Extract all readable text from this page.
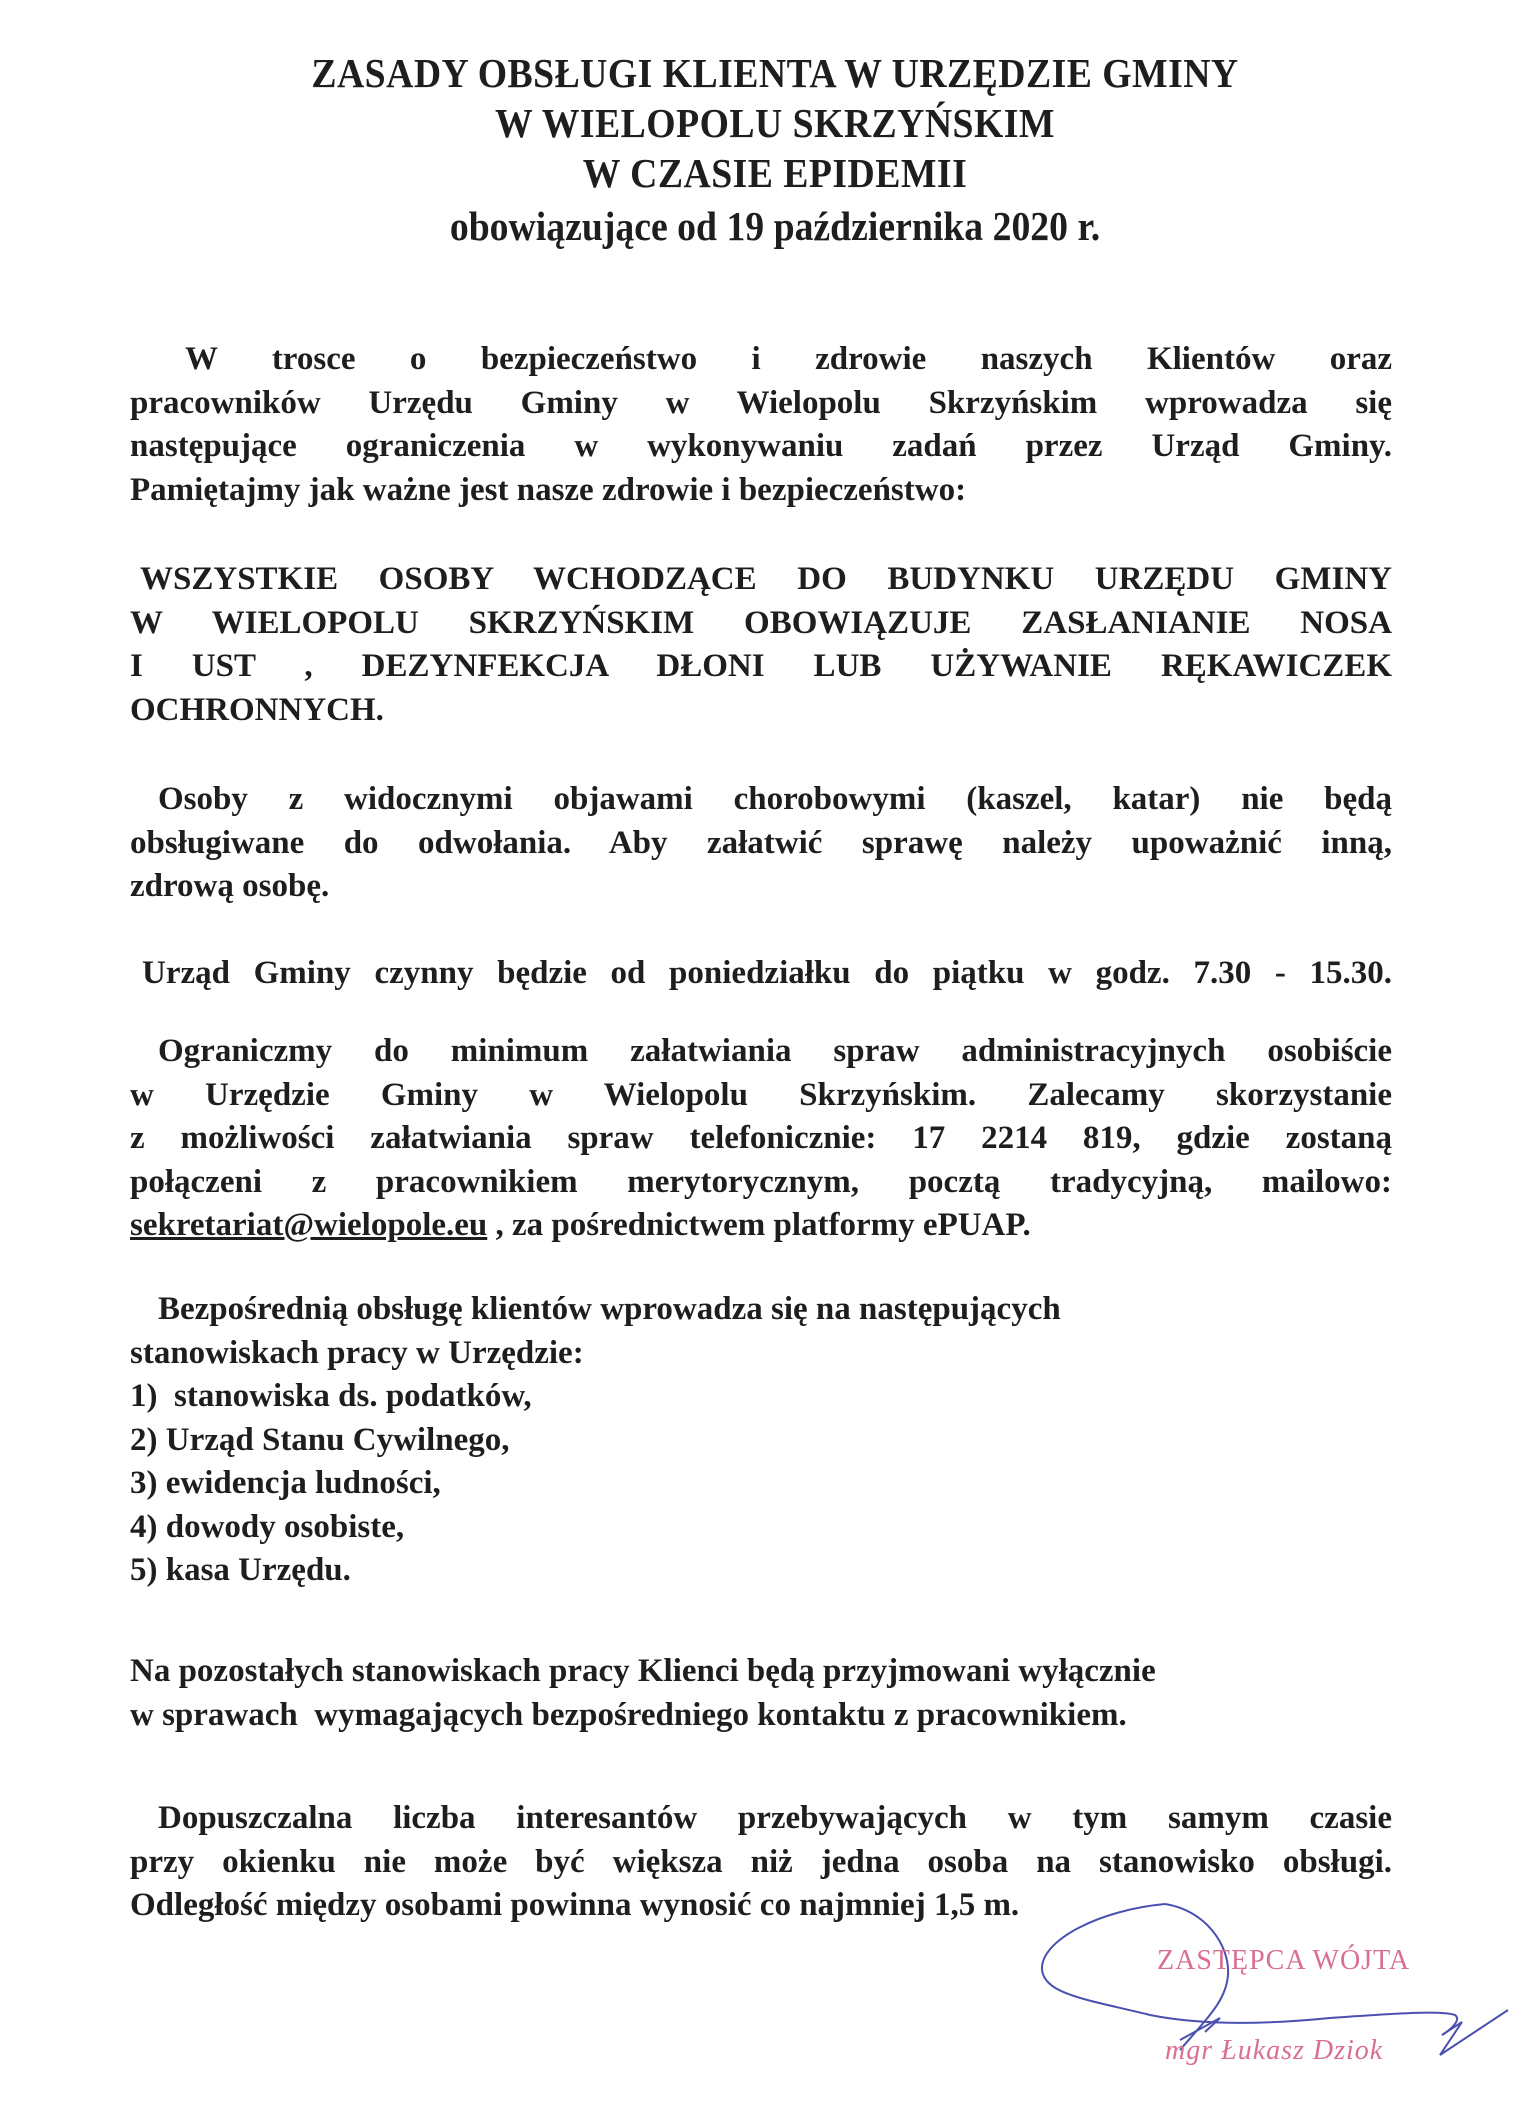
ZASADY OBSŁUGI KLIENTA W URZĘDZIE GMINY
W WIELOPOLU SKRZYŃSKIM
W CZASIE EPIDEMII
obowiązujące od 19 października 2020 r.
W trosce o bezpieczeństwo i zdrowie naszych Klientów oraz
pracowników Urzędu Gminy w Wielopolu Skrzyńskim wprowadza się
następujące ograniczenia w wykonywaniu zadań przez Urząd Gminy.
Pamiętajmy jak ważne jest nasze zdrowie i bezpieczeństwo:
WSZYSTKIE OSOBY WCHODZĄCE DO BUDYNKU URZĘDU GMINY
W WIELOPOLU SKRZYŃSKIM OBOWIĄZUJE ZASŁANIANIE NOSA
I UST , DEZYNFEKCJA DŁONI LUB UŻYWANIE RĘKAWICZEK
OCHRONNYCH.
Osoby z widocznymi objawami chorobowymi (kaszel, katar) nie będą
obsługiwane do odwołania. Aby załatwić sprawę należy upoważnić inną,
zdrową osobę.
Urząd Gminy czynny będzie od poniedziałku do piątku w godz. 7.30 - 15.30.
Ograniczmy do minimum załatwiania spraw administracyjnych osobiście
w Urzędzie Gminy w Wielopolu Skrzyńskim. Zalecamy skorzystanie
z możliwości załatwiania spraw telefonicznie: 17 2214 819, gdzie zostaną
połączeni z pracownikiem merytorycznym, pocztą tradycyjną, mailowo:
sekretariat@wielopole.eu , za pośrednictwem platformy ePUAP.
Bezpośrednią obsługę klientów wprowadza się na następujących
stanowiskach pracy w Urzędzie:
1)  stanowiska ds. podatków,
2) Urząd Stanu Cywilnego,
3) ewidencja ludności,
4) dowody osobiste,
5) kasa Urzędu.
Na pozostałych stanowiskach pracy Klienci będą przyjmowani wyłącznie
w sprawach  wymagających bezpośredniego kontaktu z pracownikiem.
Dopuszczalna liczba interesantów przebywających w tym samym czasie
przy okienku nie może być większa niż jedna osoba na stanowisko obsługi.
Odległość między osobami powinna wynosić co najmniej 1,5 m.
ZASTĘPCA WÓJTA
mgr Łukasz Dziok
